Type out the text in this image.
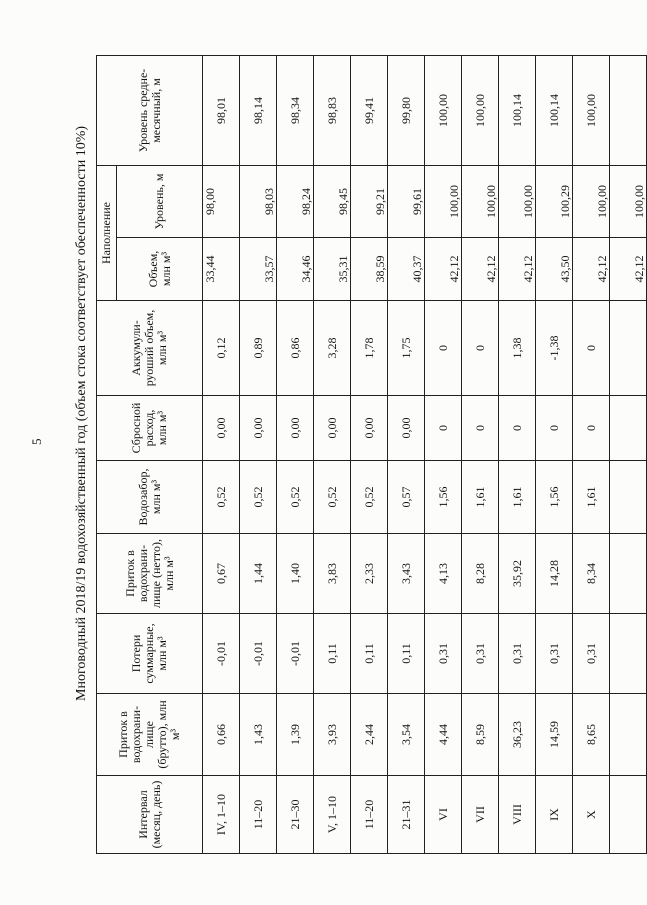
5 Многоводный 2018/19 водохозяйственный год (объем стока соответствует обеспеченности 10%)
Интервал (месяц, день)	Приток в водохрани-лище (брутто), млн м³	Потери суммарные, млн м³	Приток в водохрани-лище (нетто), млн м³	Водозабор, млн м³	Сбросной расход, млн м³	Аккумули-руоший объем, млн м³	Наполнение		Уровень средне-месячный, м
							Объем, млн м³	Уровень, м	
IV, 1–10	0,66	-0,01	0,67	0,52	0,00	0,12	33,44	98,00	98,01
11–20	1,43	-0,01	1,44	0,52	0,00	0,89	33,57	98,03	98,14
21–30	1,39	-0,01	1,40	0,52	0,00	0,86	34,46	98,24	98,34
V, 1–10	3,93	0,11	3,83	0,52	0,00	3,28	35,31	98,45	98,83
11–20	2,44	0,11	2,33	0,52	0,00	1,78	38,59	99,21	99,41
21–31	3,54	0,11	3,43	0,57	0,00	1,75	40,37	99,61	99,80
VI	4,44	0,31	4,13	1,56	0	0	42,12	100,00	100,00
VII	8,59	0,31	8,28	1,61	0	0	42,12	100,00	100,00
VIII	36,23	0,31	35,92	1,61	0	1,38	42,12	100,00	100,14
IX	14,59	0,31	14,28	1,56	0	-1,38	43,50	100,29	100,14
X	8,65	0,31	8,34	1,61	0	0	42,12	100,00	100,00

							42,12	100,00	
